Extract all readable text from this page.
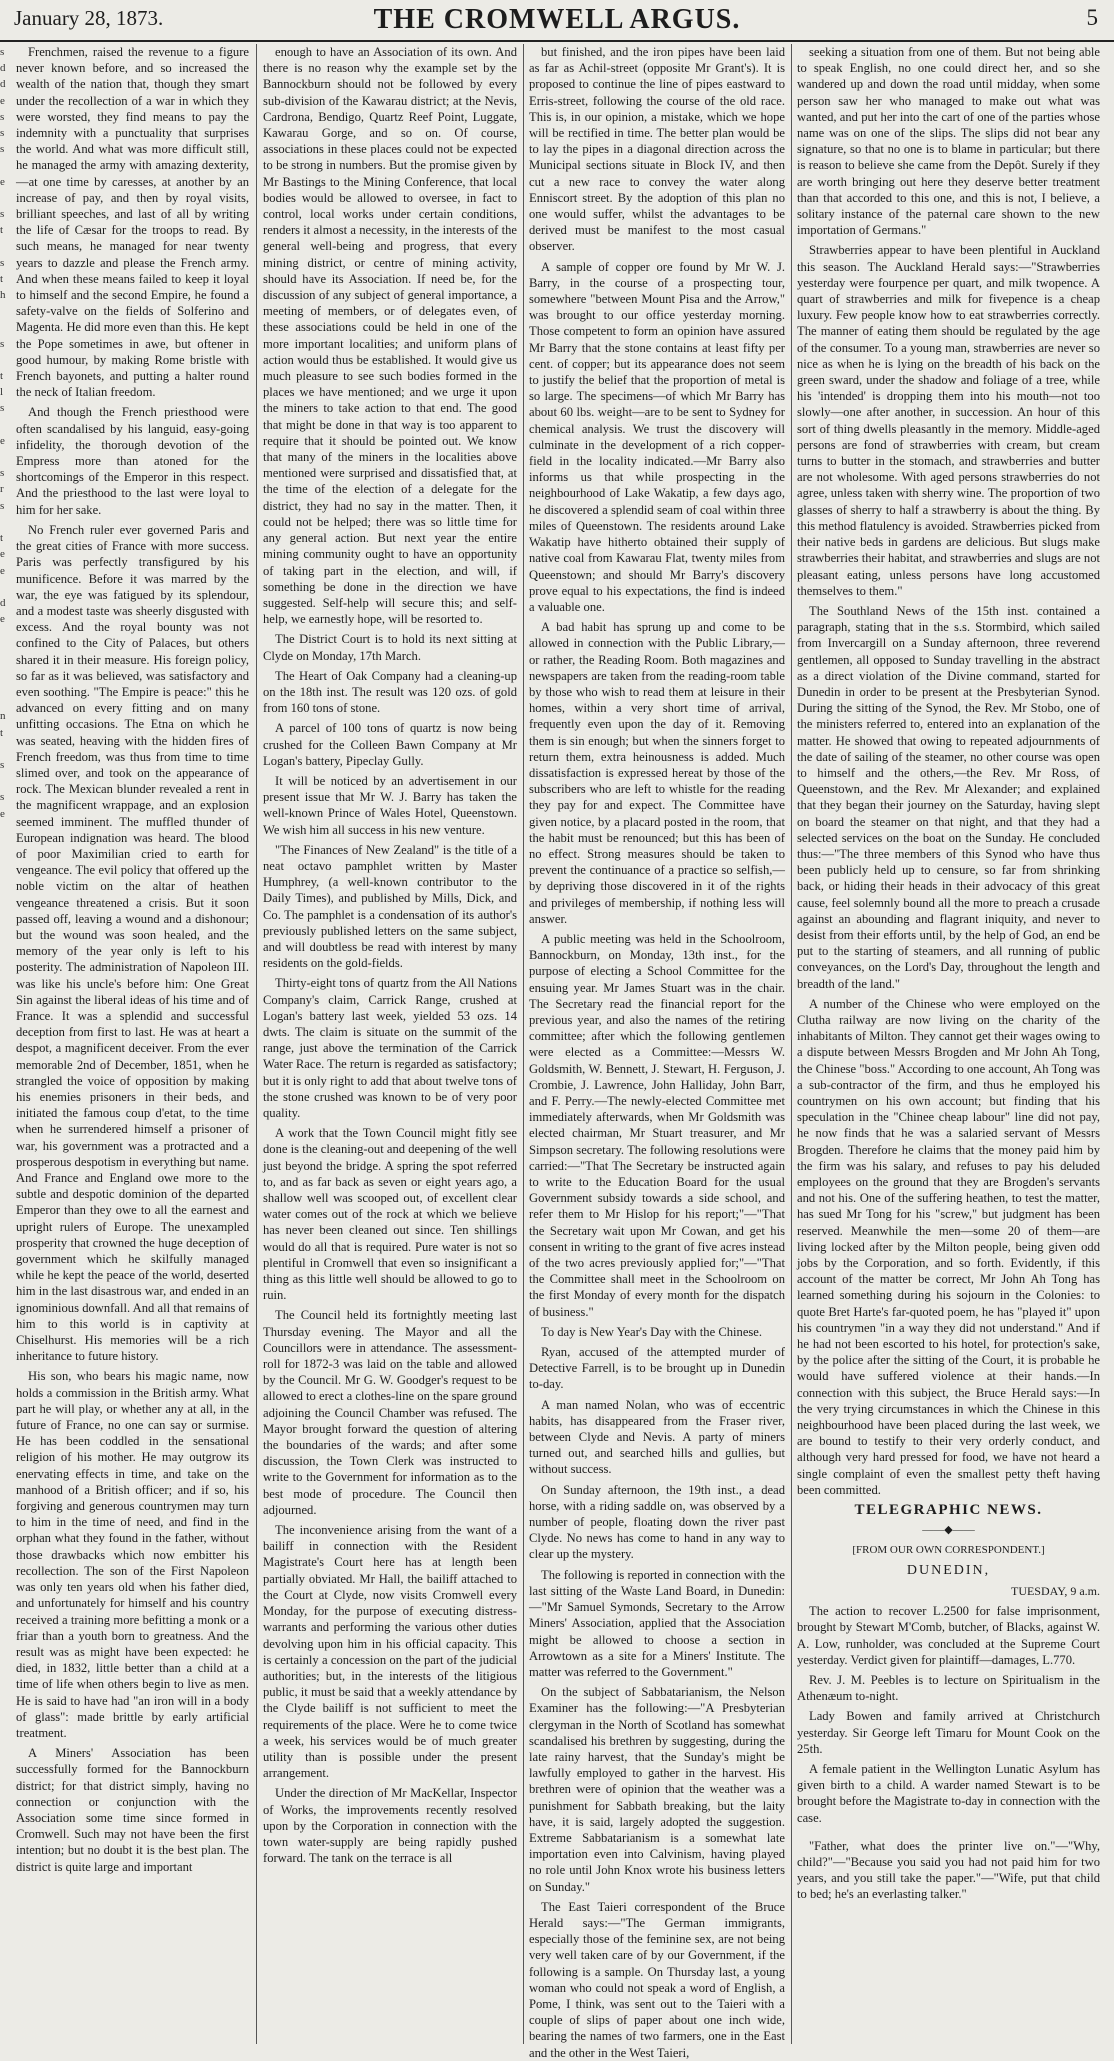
January 28, 1873.	THE CROMWELL ARGUS.	5
s
d
d
e
s
s
s

e

s
t

s
t
h

s

t
l
s

e

s
r
s

t
e
e

d
e

n
t

s

s
e

Frenchmen, raised the revenue to a figure never known before, and so increased the wealth of the nation that, though they smart under the recollection of a war in which they were worsted, they find means to pay the indemnity with a punctuality that surprises the world. And what was more difficult still, he managed the army with amazing dexterity,—at one time by caresses, at another by an increase of pay, and then by royal visits, brilliant speeches, and last of all by writing the life of Cæsar for the troops to read. By such means, he managed for near twenty years to dazzle and please the French army. And when these means failed to keep it loyal to himself and the second Empire, he found a safety-valve on the fields of Solferino and Magenta. He did more even than this. He kept the Pope sometimes in awe, but oftener in good humour, by making Rome bristle with French bayonets, and putting a halter round the neck of Italian freedom.

And though the French priesthood were often scandalised by his languid, easy-going infidelity, the thorough devotion of the Empress more than atoned for the shortcomings of the Emperor in this respect. And the priesthood to the last were loyal to him for her sake.

No French ruler ever governed Paris and the great cities of France with more success. Paris was perfectly transfigured by his munificence. Before it was marred by the war, the eye was fatigued by its splendour, and a modest taste was sheerly disgusted with excess. And the royal bounty was not confined to the City of Palaces, but others shared it in their measure. His foreign policy, so far as it was believed, was satisfactory and even soothing. "The Empire is peace:" this he advanced on every fitting and on many unfitting occasions. The Etna on which he was seated, heaving with the hidden fires of French freedom, was thus from time to time slimed over, and took on the appearance of rock. The Mexican blunder revealed a rent in the magnificent wrappage, and an explosion seemed imminent. The muffled thunder of European indignation was heard. The blood of poor Maximilian cried to earth for vengeance. The evil policy that offered up the noble victim on the altar of heathen vengeance threatened a crisis. But it soon passed off, leaving a wound and a dishonour; but the wound was soon healed, and the memory of the year only is left to his posterity. The administration of Napoleon III. was like his uncle's before him: One Great Sin against the liberal ideas of his time and of France. It was a splendid and successful deception from first to last. He was at heart a despot, a magnificent deceiver. From the ever memorable 2nd of December, 1851, when he strangled the voice of opposition by making his enemies prisoners in their beds, and initiated the famous coup d'etat, to the time when he surrendered himself a prisoner of war, his government was a protracted and a prosperous despotism in everything but name. And France and England owe more to the subtle and despotic dominion of the departed Emperor than they owe to all the earnest and upright rulers of Europe. The unexampled prosperity that crowned the huge deception of government which he skilfully managed while he kept the peace of the world, deserted him in the last disastrous war, and ended in an ignominious downfall. And all that remains of him to this world is in captivity at Chiselhurst. His memories will be a rich inheritance to future history.

His son, who bears his magic name, now holds a commission in the British army. What part he will play, or whether any at all, in the future of France, no one can say or surmise. He has been coddled in the sensational religion of his mother. He may outgrow its enervating effects in time, and take on the manhood of a British officer; and if so, his forgiving and generous countrymen may turn to him in the time of need, and find in the orphan what they found in the father, without those drawbacks which now embitter his recollection. The son of the First Napoleon was only ten years old when his father died, and unfortunately for himself and his country received a training more befitting a monk or a friar than a youth born to greatness. And the result was as might have been expected: he died, in 1832, little better than a child at a time of life when others begin to live as men. He is said to have had "an iron will in a body of glass": made brittle by early artificial treatment.

A Miners' Association has been successfully formed for the Bannockburn district; for that district simply, having no connection or conjunction with the Association some time since formed in Cromwell. Such may not have been the first intention; but no doubt it is the best plan. The district is quite large and important

enough to have an Association of its own. And there is no reason why the example set by the Bannockburn should not be followed by every sub-division of the Kawarau district; at the Nevis, Cardrona, Bendigo, Quartz Reef Point, Luggate, Kawarau Gorge, and so on. Of course, associations in these places could not be expected to be strong in numbers. But the promise given by Mr Bastings to the Mining Conference, that local bodies would be allowed to oversee, in fact to control, local works under certain conditions, renders it almost a necessity, in the interests of the general well-being and progress, that every mining district, or centre of mining activity, should have its Association. If need be, for the discussion of any subject of general importance, a meeting of members, or of delegates even, of these associations could be held in one of the more important localities; and uniform plans of action would thus be established. It would give us much pleasure to see such bodies formed in the places we have mentioned; and we urge it upon the miners to take action to that end. The good that might be done in that way is too apparent to require that it should be pointed out. We know that many of the miners in the localities above mentioned were surprised and dissatisfied that, at the time of the election of a delegate for the district, they had no say in the matter. Then, it could not be helped; there was so little time for any general action. But next year the entire mining community ought to have an opportunity of taking part in the election, and will, if something be done in the direction we have suggested. Self-help will secure this; and self-help, we earnestly hope, will be resorted to.

The District Court is to hold its next sitting at Clyde on Monday, 17th March.

The Heart of Oak Company had a cleaning-up on the 18th inst. The result was 120 ozs. of gold from 160 tons of stone.

A parcel of 100 tons of quartz is now being crushed for the Colleen Bawn Company at Mr Logan's battery, Pipeclay Gully.

It will be noticed by an advertisement in our present issue that Mr W. J. Barry has taken the well-known Prince of Wales Hotel, Queenstown. We wish him all success in his new venture.

"The Finances of New Zealand" is the title of a neat octavo pamphlet written by Master Humphrey, (a well-known contributor to the Daily Times), and published by Mills, Dick, and Co. The pamphlet is a condensation of its author's previously published letters on the same subject, and will doubtless be read with interest by many residents on the gold-fields.

Thirty-eight tons of quartz from the All Nations Company's claim, Carrick Range, crushed at Logan's battery last week, yielded 53 ozs. 14 dwts. The claim is situate on the summit of the range, just above the termination of the Carrick Water Race. The return is regarded as satisfactory; but it is only right to add that about twelve tons of the stone crushed was known to be of very poor quality.

A work that the Town Council might fitly see done is the cleaning-out and deepening of the well just beyond the bridge. A spring the spot referred to, and as far back as seven or eight years ago, a shallow well was scooped out, of excellent clear water comes out of the rock at which we believe has never been cleaned out since. Ten shillings would do all that is required. Pure water is not so plentiful in Cromwell that even so insignificant a thing as this little well should be allowed to go to ruin.

The Council held its fortnightly meeting last Thursday evening. The Mayor and all the Councillors were in attendance. The assessment-roll for 1872-3 was laid on the table and allowed by the Council. Mr G. W. Goodger's request to be allowed to erect a clothes-line on the spare ground adjoining the Council Chamber was refused. The Mayor brought forward the question of altering the boundaries of the wards; and after some discussion, the Town Clerk was instructed to write to the Government for information as to the best mode of procedure. The Council then adjourned.

The inconvenience arising from the want of a bailiff in connection with the Resident Magistrate's Court here has at length been partially obviated. Mr Hall, the bailiff attached to the Court at Clyde, now visits Cromwell every Monday, for the purpose of executing distress-warrants and performing the various other duties devolving upon him in his official capacity. This is certainly a concession on the part of the judicial authorities; but, in the interests of the litigious public, it must be said that a weekly attendance by the Clyde bailiff is not sufficient to meet the requirements of the place. Were he to come twice a week, his services would be of much greater utility than is possible under the present arrangement.

Under the direction of Mr MacKellar, Inspector of Works, the improvements recently resolved upon by the Corporation in connection with the town water-supply are being rapidly pushed forward. The tank on the terrace is all

but finished, and the iron pipes have been laid as far as Achil-street (opposite Mr Grant's). It is proposed to continue the line of pipes eastward to Erris-street, following the course of the old race. This is, in our opinion, a mistake, which we hope will be rectified in time. The better plan would be to lay the pipes in a diagonal direction across the Municipal sections situate in Block IV, and then cut a new race to convey the water along Enniscort street. By the adoption of this plan no one would suffer, whilst the advantages to be derived must be manifest to the most casual observer.

A sample of copper ore found by Mr W. J. Barry, in the course of a prospecting tour, somewhere "between Mount Pisa and the Arrow," was brought to our office yesterday morning. Those competent to form an opinion have assured Mr Barry that the stone contains at least fifty per cent. of copper; but its appearance does not seem to justify the belief that the proportion of metal is so large. The specimens—of which Mr Barry has about 60 lbs. weight—are to be sent to Sydney for chemical analysis. We trust the discovery will culminate in the development of a rich copper-field in the locality indicated.—Mr Barry also informs us that while prospecting in the neighbourhood of Lake Wakatip, a few days ago, he discovered a splendid seam of coal within three miles of Queenstown. The residents around Lake Wakatip have hitherto obtained their supply of native coal from Kawarau Flat, twenty miles from Queenstown; and should Mr Barry's discovery prove equal to his expectations, the find is indeed a valuable one.

A bad habit has sprung up and come to be allowed in connection with the Public Library,—or rather, the Reading Room. Both magazines and newspapers are taken from the reading-room table by those who wish to read them at leisure in their homes, within a very short time of arrival, frequently even upon the day of it. Removing them is sin enough; but when the sinners forget to return them, extra heinousness is added. Much dissatisfaction is expressed hereat by those of the subscribers who are left to whistle for the reading they pay for and expect. The Committee have given notice, by a placard posted in the room, that the habit must be renounced; but this has been of no effect. Strong measures should be taken to prevent the continuance of a practice so selfish,—by depriving those discovered in it of the rights and privileges of membership, if nothing less will answer.

A public meeting was held in the Schoolroom, Bannockburn, on Monday, 13th inst., for the purpose of electing a School Committee for the ensuing year. Mr James Stuart was in the chair. The Secretary read the financial report for the previous year, and also the names of the retiring committee; after which the following gentlemen were elected as a Committee:—Messrs W. Goldsmith, W. Bennett, J. Stewart, H. Ferguson, J. Crombie, J. Lawrence, John Halliday, John Barr, and F. Perry.—The newly-elected Committee met immediately afterwards, when Mr Goldsmith was elected chairman, Mr Stuart treasurer, and Mr Simpson secretary. The following resolutions were carried:—"That The Secretary be instructed again to write to the Education Board for the usual Government subsidy towards a side school, and refer them to Mr Hislop for his report;"—"That the Secretary wait upon Mr Cowan, and get his consent in writing to the grant of five acres instead of the two acres previously applied for;"—"That the Committee shall meet in the Schoolroom on the first Monday of every month for the dispatch of business."

To day is New Year's Day with the Chinese.

Ryan, accused of the attempted murder of Detective Farrell, is to be brought up in Dunedin to-day.

A man named Nolan, who was of eccentric habits, has disappeared from the Fraser river, between Clyde and Nevis. A party of miners turned out, and searched hills and gullies, but without success.

On Sunday afternoon, the 19th inst., a dead horse, with a riding saddle on, was observed by a number of people, floating down the river past Clyde. No news has come to hand in any way to clear up the mystery.

The following is reported in connection with the last sitting of the Waste Land Board, in Dunedin:—"Mr Samuel Symonds, Secretary to the Arrow Miners' Association, applied that the Association might be allowed to choose a section in Arrowtown as a site for a Miners' Institute. The matter was referred to the Government."

On the subject of Sabbatarianism, the Nelson Examiner has the following:—"A Presbyterian clergyman in the North of Scotland has somewhat scandalised his brethren by suggesting, during the late rainy harvest, that the Sunday's might be lawfully employed to gather in the harvest. His brethren were of opinion that the weather was a punishment for Sabbath breaking, but the laity have, it is said, largely adopted the suggestion. Extreme Sabbatarianism is a somewhat late importation even into Calvinism, having played no role until John Knox wrote his business letters on Sunday."

The East Taieri correspondent of the Bruce Herald says:—"The German immigrants, especially those of the feminine sex, are not being very well taken care of by our Government, if the following is a sample. On Thursday last, a young woman who could not speak a word of English, a Pome, I think, was sent out to the Taieri with a couple of slips of paper about one inch wide, bearing the names of two farmers, one in the East and the other in the West Taieri,

seeking a situation from one of them. But not being able to speak English, no one could direct her, and so she wandered up and down the road until midday, when some person saw her who managed to make out what was wanted, and put her into the cart of one of the parties whose name was on one of the slips. The slips did not bear any signature, so that no one is to blame in particular; but there is reason to believe she came from the Depôt. Surely if they are worth bringing out here they deserve better treatment than that accorded to this one, and this is not, I believe, a solitary instance of the paternal care shown to the new importation of Germans."

Strawberries appear to have been plentiful in Auckland this season. The Auckland Herald says:—"Strawberries yesterday were fourpence per quart, and milk twopence. A quart of strawberries and milk for fivepence is a cheap luxury. Few people know how to eat strawberries correctly. The manner of eating them should be regulated by the age of the consumer. To a young man, strawberries are never so nice as when he is lying on the breadth of his back on the green sward, under the shadow and foliage of a tree, while his 'intended' is dropping them into his mouth—not too slowly—one after another, in succession. An hour of this sort of thing dwells pleasantly in the memory. Middle-aged persons are fond of strawberries with cream, but cream turns to butter in the stomach, and strawberries and butter are not wholesome. With aged persons strawberries do not agree, unless taken with sherry wine. The proportion of two glasses of sherry to half a strawberry is about the thing. By this method flatulency is avoided. Strawberries picked from their native beds in gardens are delicious. But slugs make strawberries their habitat, and strawberries and slugs are not pleasant eating, unless persons have long accustomed themselves to them."

The Southland News of the 15th inst. contained a paragraph, stating that in the s.s. Stormbird, which sailed from Invercargill on a Sunday afternoon, three reverend gentlemen, all opposed to Sunday travelling in the abstract as a direct violation of the Divine command, started for Dunedin in order to be present at the Presbyterian Synod. During the sitting of the Synod, the Rev. Mr Stobo, one of the ministers referred to, entered into an explanation of the matter. He showed that owing to repeated adjournments of the date of sailing of the steamer, no other course was open to himself and the others,—the Rev. Mr Ross, of Queenstown, and the Rev. Mr Alexander; and explained that they began their journey on the Saturday, having slept on board the steamer on that night, and that they had a selected services on the boat on the Sunday. He concluded thus:—"The three members of this Synod who have thus been publicly held up to censure, so far from shrinking back, or hiding their heads in their advocacy of this great cause, feel solemnly bound all the more to preach a crusade against an abounding and flagrant iniquity, and never to desist from their efforts until, by the help of God, an end be put to the starting of steamers, and all running of public conveyances, on the Lord's Day, throughout the length and breadth of the land."

A number of the Chinese who were employed on the Clutha railway are now living on the charity of the inhabitants of Milton. They cannot get their wages owing to a dispute between Messrs Brogden and Mr John Ah Tong, the Chinese "boss." According to one account, Ah Tong was a sub-contractor of the firm, and thus he employed his countrymen on his own account; but finding that his speculation in the "Chinee cheap labour" line did not pay, he now finds that he was a salaried servant of Messrs Brogden. Therefore he claims that the money paid him by the firm was his salary, and refuses to pay his deluded employees on the ground that they are Brogden's servants and not his. One of the suffering heathen, to test the matter, has sued Mr Tong for his "screw," but judgment has been reserved. Meanwhile the men—some 20 of them—are living locked after by the Milton people, being given odd jobs by the Corporation, and so forth. Evidently, if this account of the matter be correct, Mr John Ah Tong has learned something during his sojourn in the Colonies: to quote Bret Harte's far-quoted poem, he has "played it" upon his countrymen "in a way they did not understand." And if he had not been escorted to his hotel, for protection's sake, by the police after the sitting of the Court, it is probable he would have suffered violence at their hands.—In connection with this subject, the Bruce Herald says:—In the very trying circumstances in which the Chinese in this neighbourhood have been placed during the last week, we are bound to testify to their very orderly conduct, and although very hard pressed for food, we have not heard a single complaint of even the smallest petty theft having been committed.

TELEGRAPHIC NEWS.

——◆——

[FROM OUR OWN CORRESPONDENT.]

DUNEDIN,

TUESDAY, 9 a.m.

The action to recover L.2500 for false imprisonment, brought by Stewart M'Comb, butcher, of Blacks, against W. A. Low, runholder, was concluded at the Supreme Court yesterday. Verdict given for plaintiff—damages, L.770.

Rev. J. M. Peebles is to lecture on Spiritualism in the Athenæum to-night.

Lady Bowen and family arrived at Christchurch yesterday. Sir George left Timaru for Mount Cook on the 25th.

A female patient in the Wellington Lunatic Asylum has given birth to a child. A warder named Stewart is to be brought before the Magistrate to-day in connection with the case.

"Father, what does the printer live on."—"Why, child?"—"Because you said you had not paid him for two years, and you still take the paper."—"Wife, put that child to bed; he's an everlasting talker."
